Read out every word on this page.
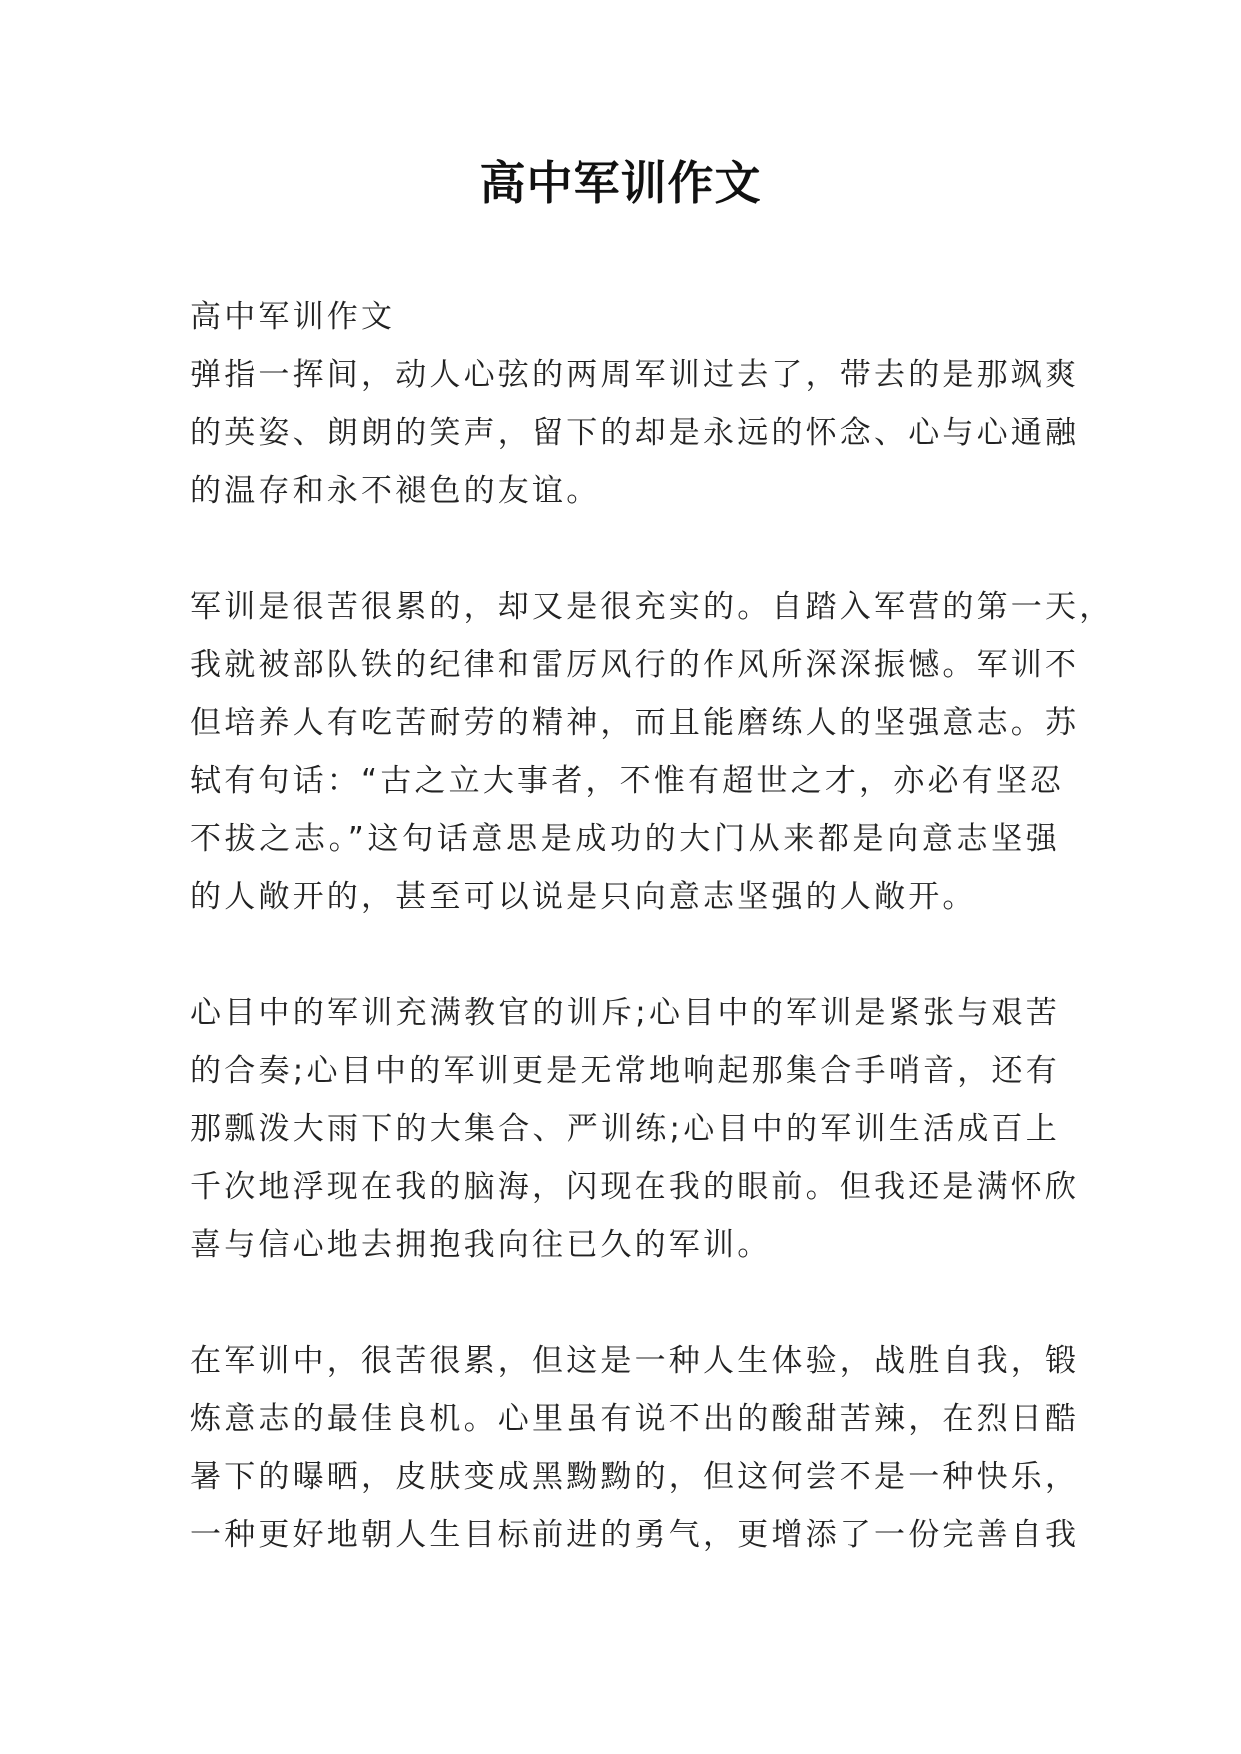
高中军训作文

高中军训作文

弹指一挥间，动人心弦的两周军训过去了，带去的是那飒爽
的英姿、朗朗的笑声，留下的却是永远的怀念、心与心通融
的温存和永不褪色的友谊。

军训是很苦很累的，却又是很充实的。自踏入军营的第一天，
我就被部队铁的纪律和雷厉风行的作风所深深振憾。军训不
但培养人有吃苦耐劳的精神，而且能磨练人的坚强意志。苏
轼有句话：“古之立大事者，不惟有超世之才，亦必有坚忍
不拔之志。”这句话意思是成功的大门从来都是向意志坚强
的人敞开的，甚至可以说是只向意志坚强的人敞开。

心目中的军训充满教官的训斥;心目中的军训是紧张与艰苦
的合奏;心目中的军训更是无常地响起那集合手哨音，还有
那瓢泼大雨下的大集合、严训练;心目中的军训生活成百上
千次地浮现在我的脑海，闪现在我的眼前。但我还是满怀欣
喜与信心地去拥抱我向往已久的军训。

在军训中，很苦很累，但这是一种人生体验，战胜自我，锻
炼意志的最佳良机。心里虽有说不出的酸甜苦辣，在烈日酷
暑下的曝晒，皮肤变成黑黝黝的，但这何尝不是一种快乐，
一种更好地朝人生目标前进的勇气，更增添了一份完善自我
